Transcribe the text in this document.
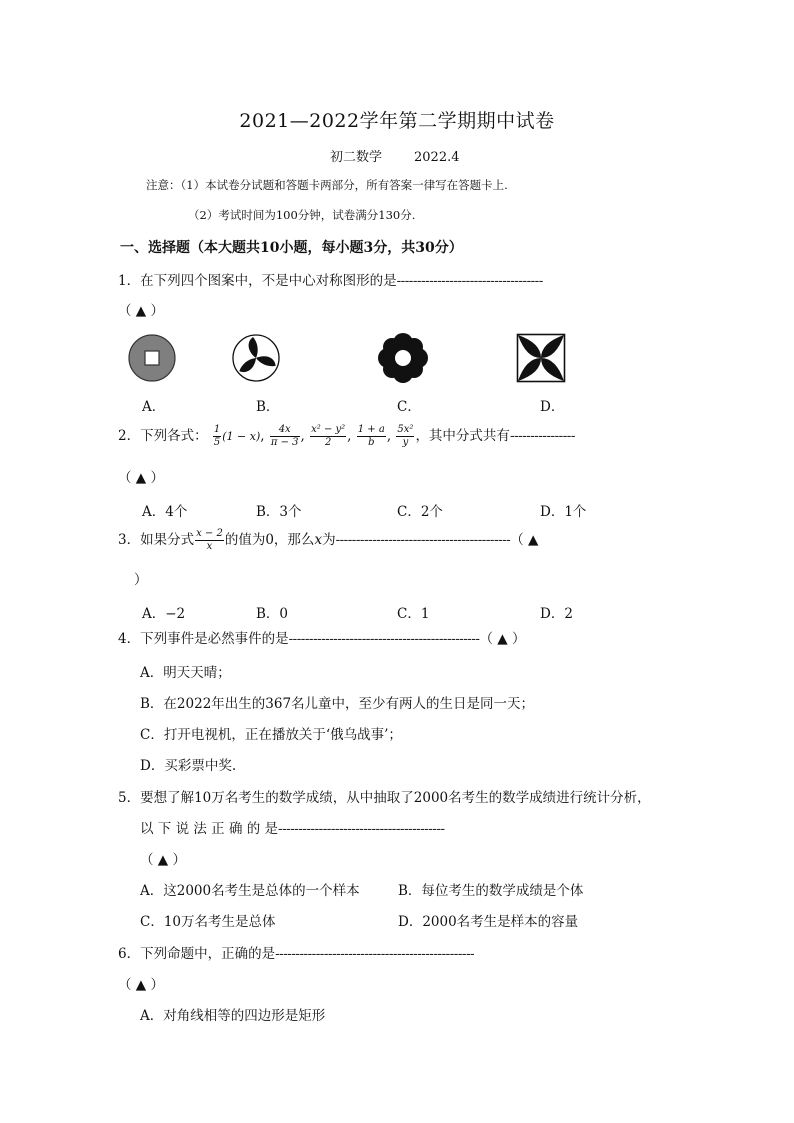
2021—2022学年第二学期期中试卷
初二数学 2022.4
注意：（1）本试卷分试题和答题卡两部分，所有答案一律写在答题卡上.
（2）考试时间为100分钟，试卷满分130分.
一、选择题（本大题共10小题，每小题3分，共30分）
1．在下列四个图案中，不是中心对称图形的是------------------------------------
（ ▲ ）
A．	B．	C．	D．
2．下列各式： $\frac{1}{5} (1 - x)$, $\frac{4x}{\pi - 3}$ , $\frac{\text{x² − y²}}{2}$ , $\frac{1 + a}{b}$ , $\frac{\text{5x²}}{y}$ ，其中分式共有----------------
（ ▲ ）
A．4个	B．3个	C．2个	D．1个
3．如果分式 $\frac{x - 2}{x}$ 的值为0，那么x为-------------------------------------------（ ▲
）
A．−2	B．0	C．1	D．2
4．下列事件是必然事件的是-----------------------------------------------（ ▲ ）
A．明天天晴；
B．在2022年出生的367名儿童中，至少有两人的生日是同一天；
C．打开电视机，正在播放关于‘俄乌战事’；
D．买彩票中奖.
5．要想了解10万名考生的数学成绩，从中抽取了2000名考生的数学成绩进行统计分析，
以 下 说 法 正 确 的 是-----------------------------------------
（ ▲ ）
A．这2000名考生是总体的一个样本	B．每位考生的数学成绩是个体
C．10万名考生是总体	D．2000名考生是样本的容量
6．下列命题中，正确的是-------------------------------------------------
（ ▲ ）
A．对角线相等的四边形是矩形
